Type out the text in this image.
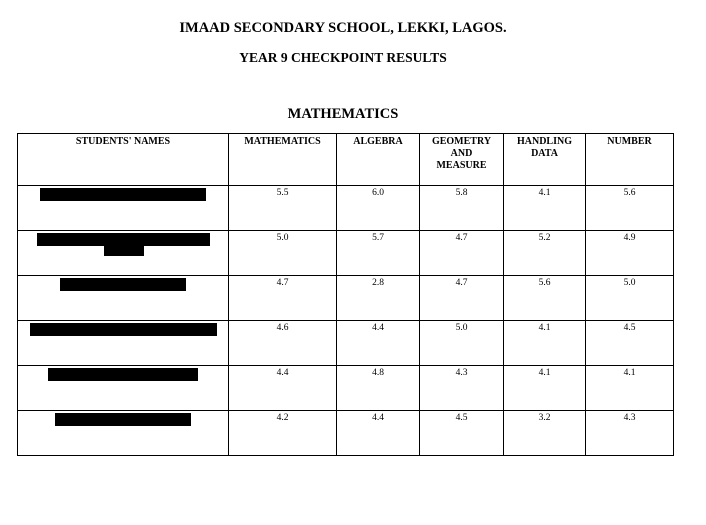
IMAAD SECONDARY SCHOOL, LEKKI, LAGOS.
YEAR 9 CHECKPOINT RESULTS
MATHEMATICS
STUDENTS' NAMES	MATHEMATICS	ALGEBRA	GEOMETRY AND MEASURE	HANDLING DATA	NUMBER

	5.5	6.0	5.8	4.1	5.6

	5.0	5.7	4.7	5.2	4.9

	4.7	2.8	4.7	5.6	5.0

	4.6	4.4	5.0	4.1	4.5

	4.4	4.8	4.3	4.1	4.1

	4.2	4.4	4.5	3.2	4.3
